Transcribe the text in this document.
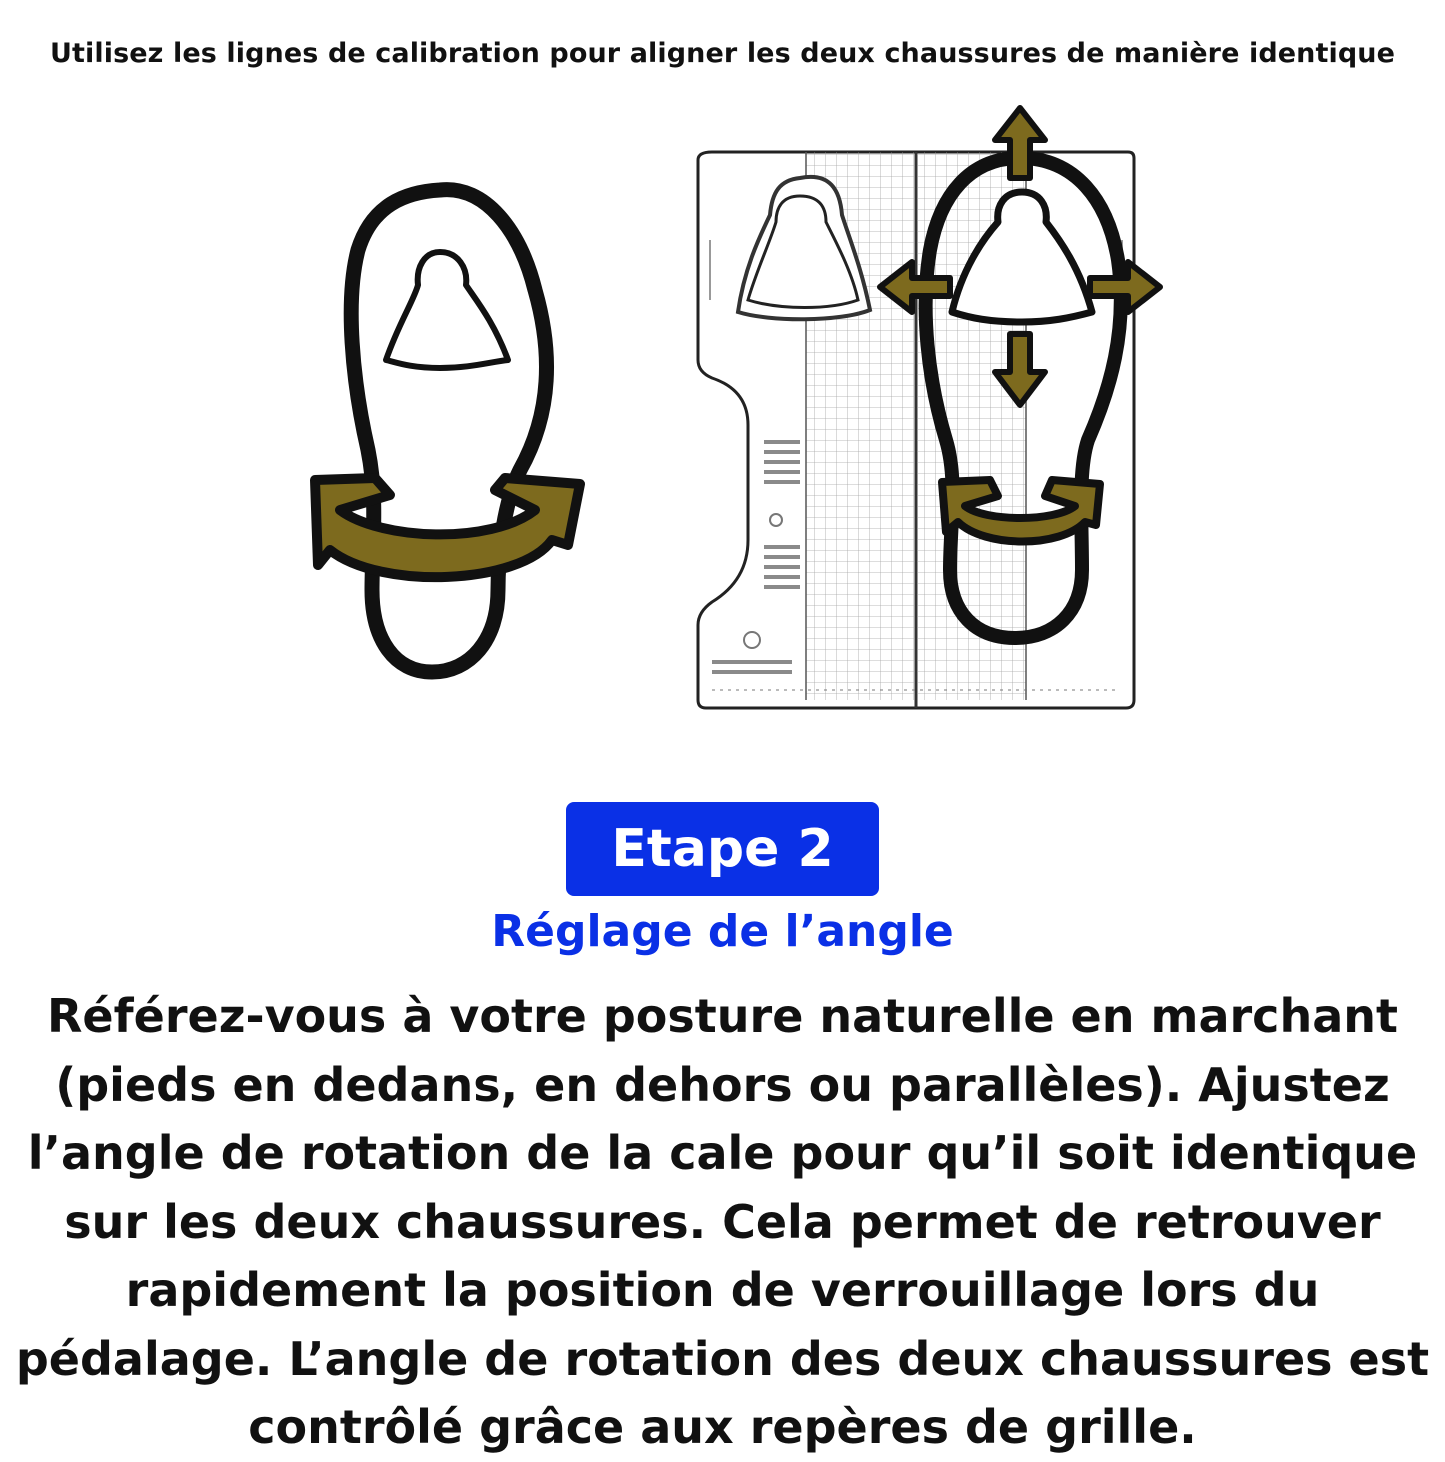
Utilisez les lignes de calibration pour aligner les deux chaussures de manière identique
Etape 2
Réglage de l’angle
Référez-vous à votre posture naturelle en marchant (pieds en dedans, en dehors ou parallèles). Ajustez l’angle de rotation de la cale pour qu’il soit identique sur les deux chaussures. Cela permet de retrouver rapidement la position de verrouillage lors du pédalage. L’angle de rotation des deux chaussures est contrôlé grâce aux repères de grille.
